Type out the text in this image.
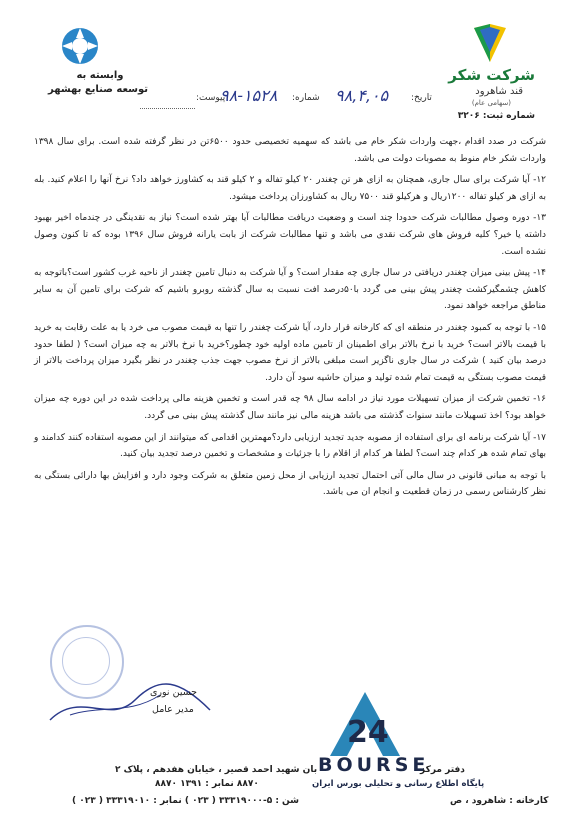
شرکت شکر
قند شاهرود
(سهامی عام)
شماره ثبت: ۳۲۰۶
وابسته به
توسعه صنایع بهشهر
تاریخ:
شماره:
پیوست:	۹۸,۴,۰۵
۹۸-۱۵۲۸

شرکت در صدد اقدام ،جهت واردات شکر خام می باشد که سهمیه تخصیصی حدود ۶۵۰۰تن در نظر گرفته شده است. برای سال ۱۳۹۸ واردات شکر خام منوط به مصوبات دولت می باشد.

۱۲- آیا شرکت برای سال جاری، همچنان به ازای هر تن چغندر ۲۰ کیلو تفاله و ۲ کیلو قند به کشاورز خواهد داد؟ نرخ آنها را اعلام کنید. بله به ازای هر کیلو تفاله ۱۲۰۰ریال و هرکیلو قند ۷۵۰۰ ریال به کشاورزان پرداخت میشود.

۱۳- دوره وصول مطالبات شرکت حدودا چند است و وضعیت دریافت مطالبات آیا بهتر شده است؟ نیاز به نقدینگی در چندماه اخیر بهبود داشته یا خیر؟ کلیه فروش های شرکت نقدی می باشد و تنها مطالبات شرکت از بابت یارانه فروش سال ۱۳۹۶ بوده که تا کنون وصول نشده است.

۱۴- پیش بینی میزان چغندر دریافتی در سال جاری چه مقدار است؟ و آیا شرکت به دنبال تامین چغندر از ناحیه غرب کشور است؟باتوجه به کاهش چشمگیرکشت چغندر پیش بینی می گردد با۵۰درصد افت نسبت به سال گذشته روبرو باشیم که شرکت برای تامین آن به سایر مناطق مراجعه خواهد نمود.

۱۵- با توجه به کمبود چغندر در منطقه ای که کارخانه قرار دارد، آیا شرکت چغندر را تنها به قیمت مصوب می خرد یا به علت رقابت به خرید با قیمت بالاتر است؟ خرید با نرخ بالاتر برای اطمینان از تامین ماده اولیه خود چطور؟خرید با نرخ بالاتر به چه میزان است؟ ( لطفا حدود درصد بیان کنید ) شرکت در سال جاری ناگزیر است مبلغی بالاتر از نرخ مصوب جهت جذب چغندر در نظر بگیرد میزان پرداخت بالاتر از قیمت مصوب بستگی به قیمت تمام شده تولید و میزان حاشیه سود آن دارد.

۱۶- تخمین شرکت از میزان تسهیلات مورد نیاز در ادامه سال ۹۸ چه قدر است و تخمین هزینه مالی پرداخت شده در این دوره چه میزان خواهد بود؟ اخذ تسهیلات مانند سنوات گذشته می باشد هزینه مالی نیز مانند سال گذشته پیش بینی می گردد.

۱۷- آیا شرکت برنامه ای برای استفاده از مصوبه جدید تجدید ارزیابی دارد؟مهمترین اقدامی که میتوانند از این مصوبه استفاده کنند کدامند و بهای تمام شده هر کدام چند است؟ لطفا هر کدام از اقلام را با جزئیات و مشخصات و تخمین درصد تجدید بیان کنید.

با توجه به مبانی قانونی در سال مالی آتی احتمال تجدید ارزیابی از محل زمین متعلق به شرکت وجود دارد و افزایش بها دارائی بستگی به نظر کارشناس رسمی در زمان قطعیت و انجام ان می باشد.

حسین نوری
مدیر عامل
24
BOURSE
پایگاه اطلاع رسانی و تحلیلی بورس ایران
دفتر مرکز
بان شهید احمد قصیر ، خیابان هفدهم ، پلاک ۲
۸۸۷۰ نمابر : ۱۳۹۱ ۸۸۷۰
کارخانه : شاهرود ، ص
شن : ۵-۳۳۳۱۹۰۰۰ ( ۰۲۳ ) نمابر : ۳۳۳۱۹۰۱۰ ( ۰۲۳ )
